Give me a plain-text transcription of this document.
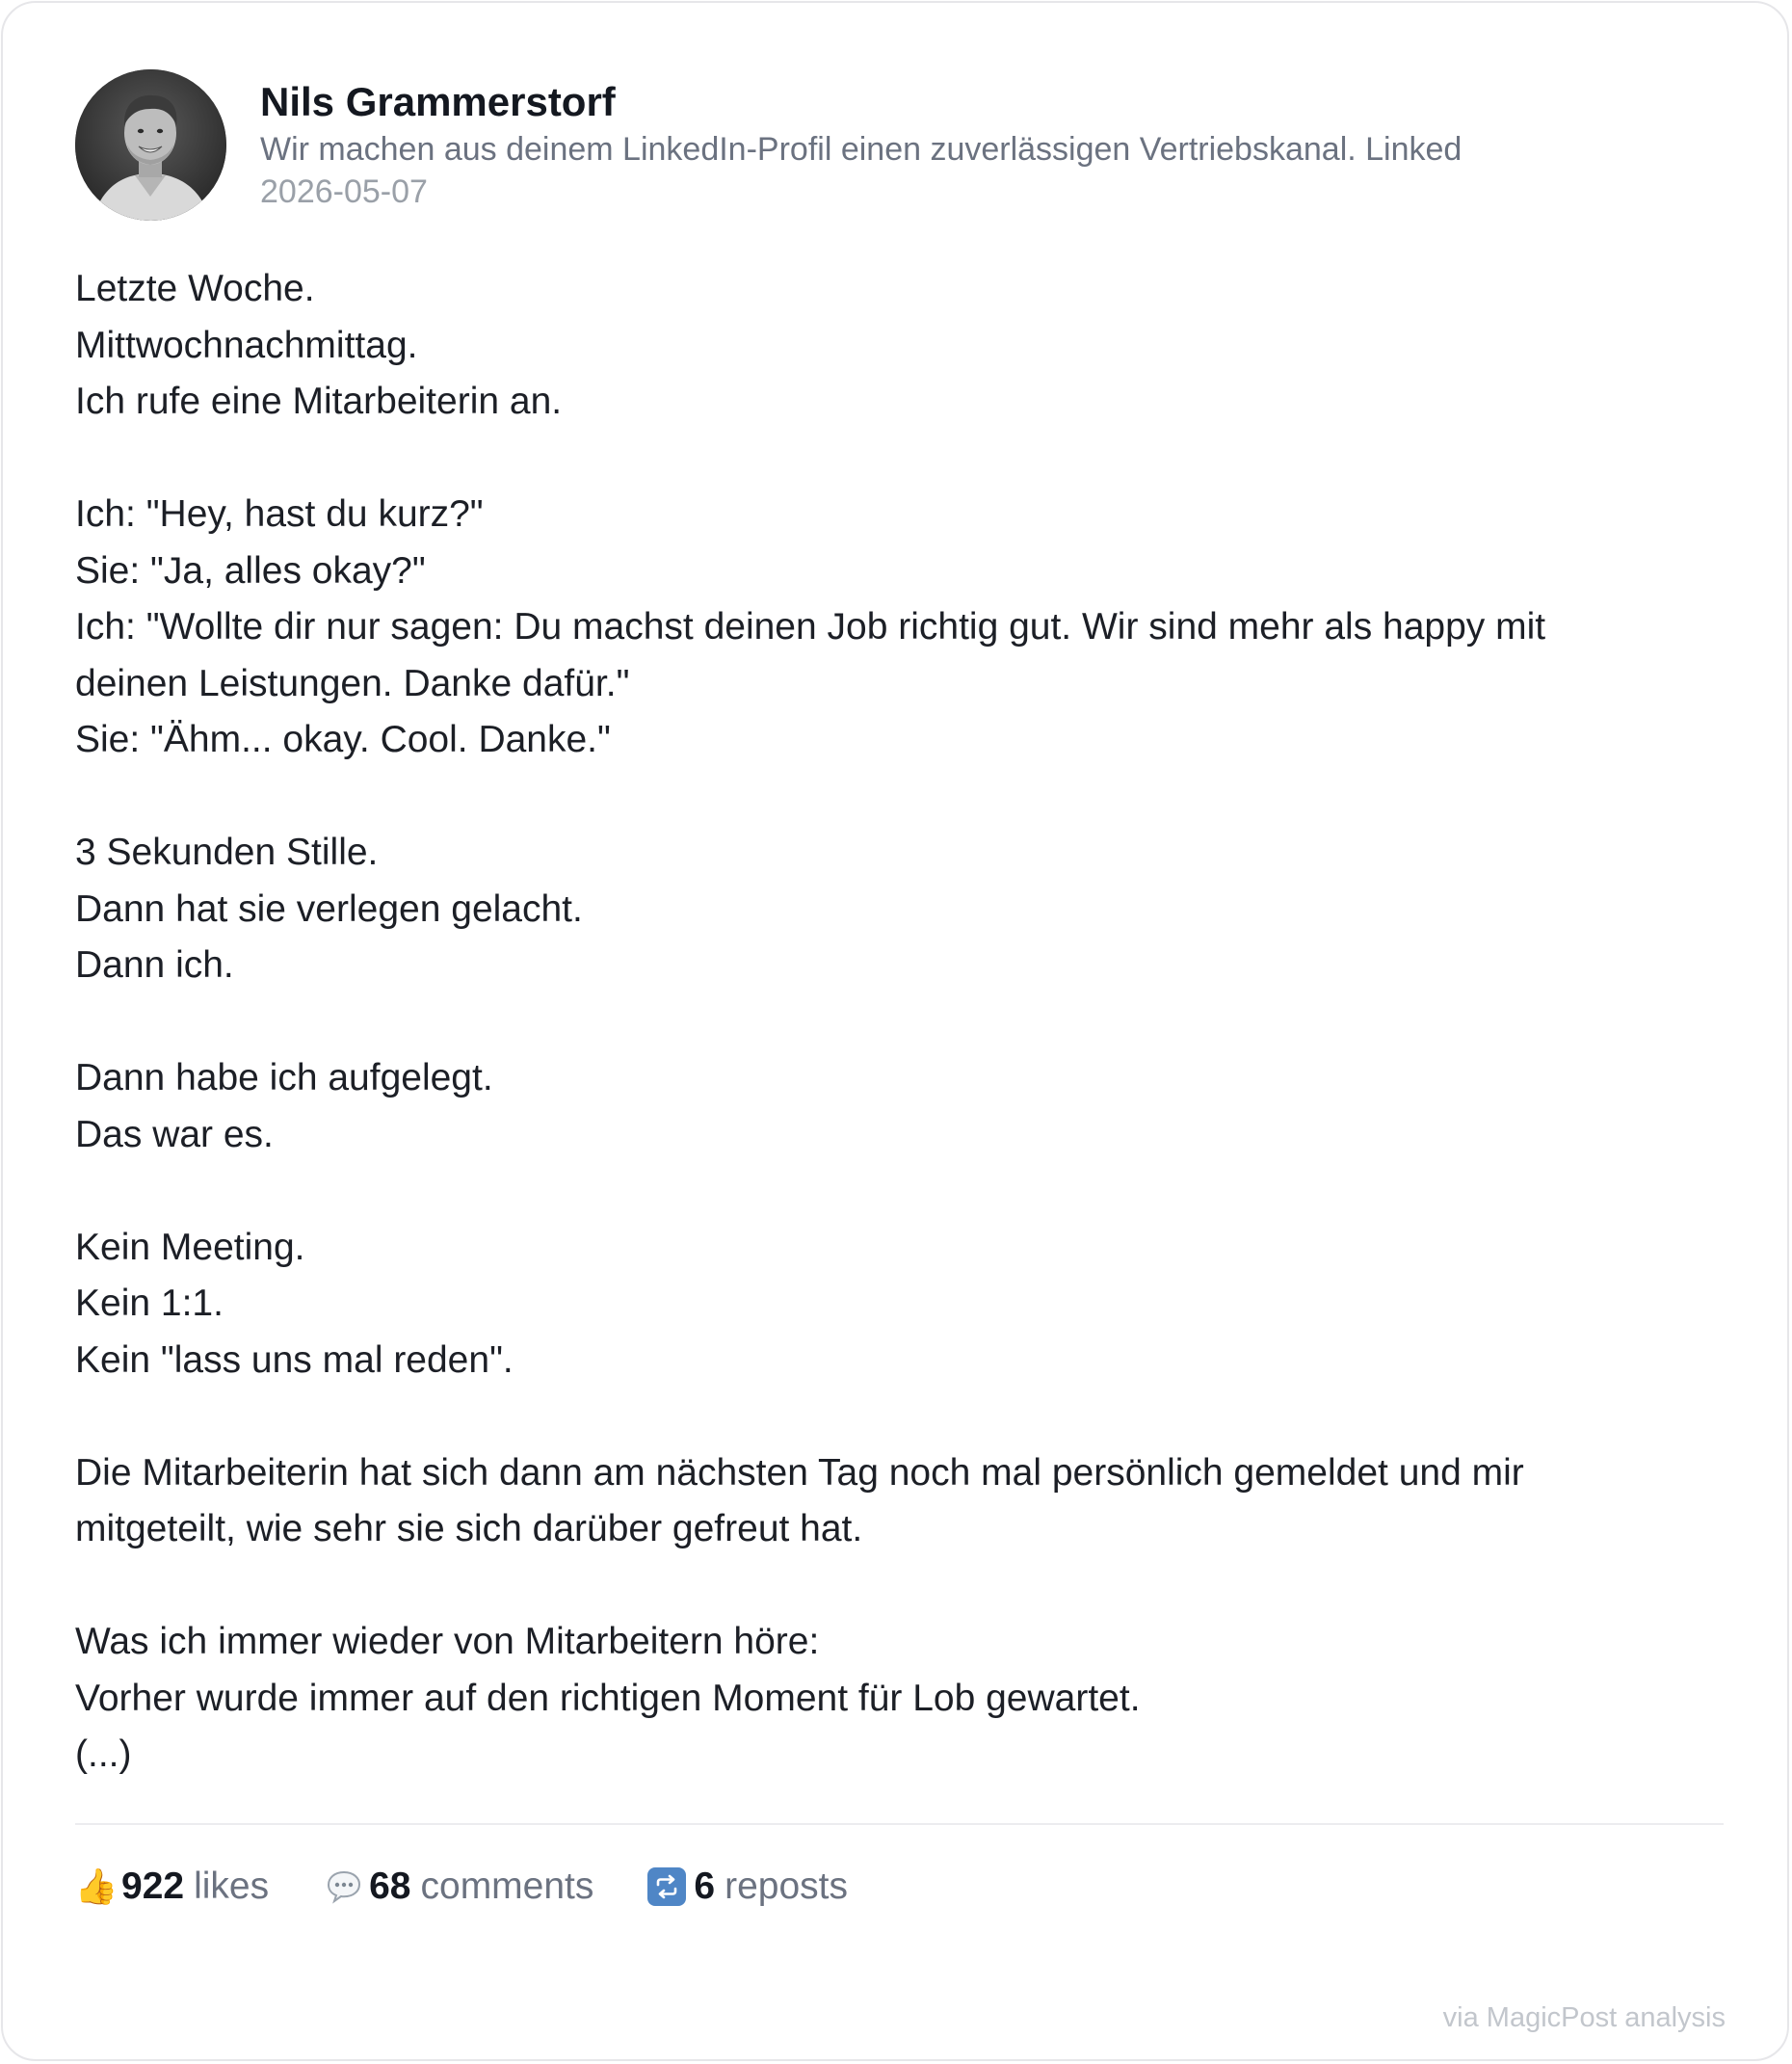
Nils Grammerstorf
Wir machen aus deinem LinkedIn-Profil einen zuverlässigen Vertriebskanal. Linked
2026-05-07
Letzte Woche.
Mittwochnachmittag.
Ich rufe eine Mitarbeiterin an.
Ich: "Hey, hast du kurz?"
Sie: "Ja, alles okay?"
Ich: "Wollte dir nur sagen: Du machst deinen Job richtig gut. Wir sind mehr als happy mit
deinen Leistungen. Danke dafür."
Sie: "Ähm... okay. Cool. Danke."
3 Sekunden Stille.
Dann hat sie verlegen gelacht.
Dann ich.
Dann habe ich aufgelegt.
Das war es.
Kein Meeting.
Kein 1:1.
Kein "lass uns mal reden".
Die Mitarbeiterin hat sich dann am nächsten Tag noch mal persönlich gemeldet und mir
mitgeteilt, wie sehr sie sich darüber gefreut hat.
Was ich immer wieder von Mitarbeitern höre:
Vorher wurde immer auf den richtigen Moment für Lob gewartet.
(...)
👍 922 likes	68 comments	6 reposts
via MagicPost analysis
